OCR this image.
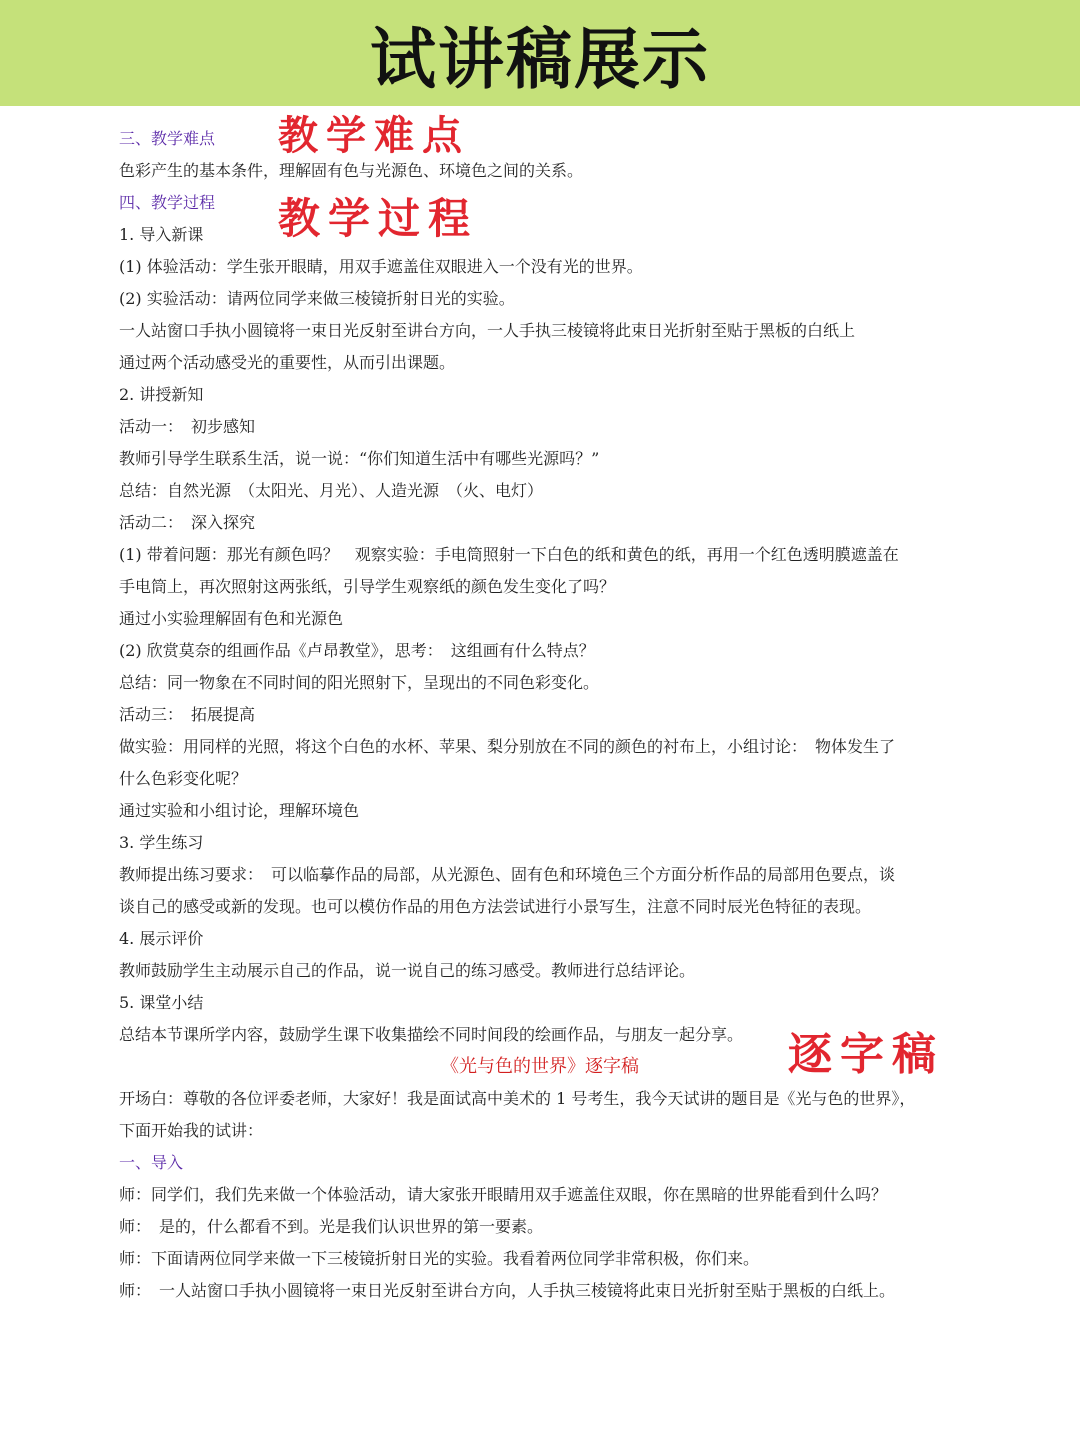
试讲稿展示
三、教学难点
色彩产生的基本条件，理解固有色与光源色、环境色之间的关系。
四、教学过程
1. 导入新课
(1) 体验活动：学生张开眼睛，用双手遮盖住双眼进入一个没有光的世界。
(2) 实验活动：请两位同学来做三棱镜折射日光的实验。
一人站窗口手执小圆镜将一束日光反射至讲台方向，一人手执三棱镜将此束日光折射至贴于黑板的白纸上
通过两个活动感受光的重要性，从而引出课题。
2. 讲授新知
活动一：　初步感知
教师引导学生联系生活，说一说：“你们知道生活中有哪些光源吗？”
总结：自然光源　（太阳光、月光）、人造光源　（火、电灯）
活动二：　深入探究
(1) 带着问题：那光有颜色吗？　观察实验：手电筒照射一下白色的纸和黄色的纸，再用一个红色透明膜遮盖在
手电筒上，再次照射这两张纸，引导学生观察纸的颜色发生变化了吗？
通过小实验理解固有色和光源色
(2) 欣赏莫奈的组画作品《卢昂教堂》，思考：　这组画有什么特点？
总结：同一物象在不同时间的阳光照射下，呈现出的不同色彩变化。
活动三：　拓展提高
做实验：用同样的光照，将这个白色的水杯、苹果、梨分别放在不同的颜色的衬布上，小组讨论：　物体发生了
什么色彩变化呢？
通过实验和小组讨论，理解环境色
3. 学生练习
教师提出练习要求：　可以临摹作品的局部，从光源色、固有色和环境色三个方面分析作品的局部用色要点，谈
谈自己的感受或新的发现。也可以模仿作品的用色方法尝试进行小景写生，注意不同时辰光色特征的表现。
4. 展示评价
教师鼓励学生主动展示自己的作品，说一说自己的练习感受。教师进行总结评论。
5. 课堂小结
总结本节课所学内容，鼓励学生课下收集描绘不同时间段的绘画作品，与朋友一起分享。
《光与色的世界》逐字稿
开场白：尊敬的各位评委老师，大家好！我是面试高中美术的 1 号考生，我今天试讲的题目是《光与色的世界》，
下面开始我的试讲：
一、导入
师：同学们，我们先来做一个体验活动，请大家张开眼睛用双手遮盖住双眼，你在黑暗的世界能看到什么吗？
师：　是的，什么都看不到。光是我们认识世界的第一要素。
师：下面请两位同学来做一下三棱镜折射日光的实验。我看着两位同学非常积极，你们来。
师：　一人站窗口手执小圆镜将一束日光反射至讲台方向，人手执三棱镜将此束日光折射至贴于黑板的白纸上。
教学难点
教学过程
逐字稿
